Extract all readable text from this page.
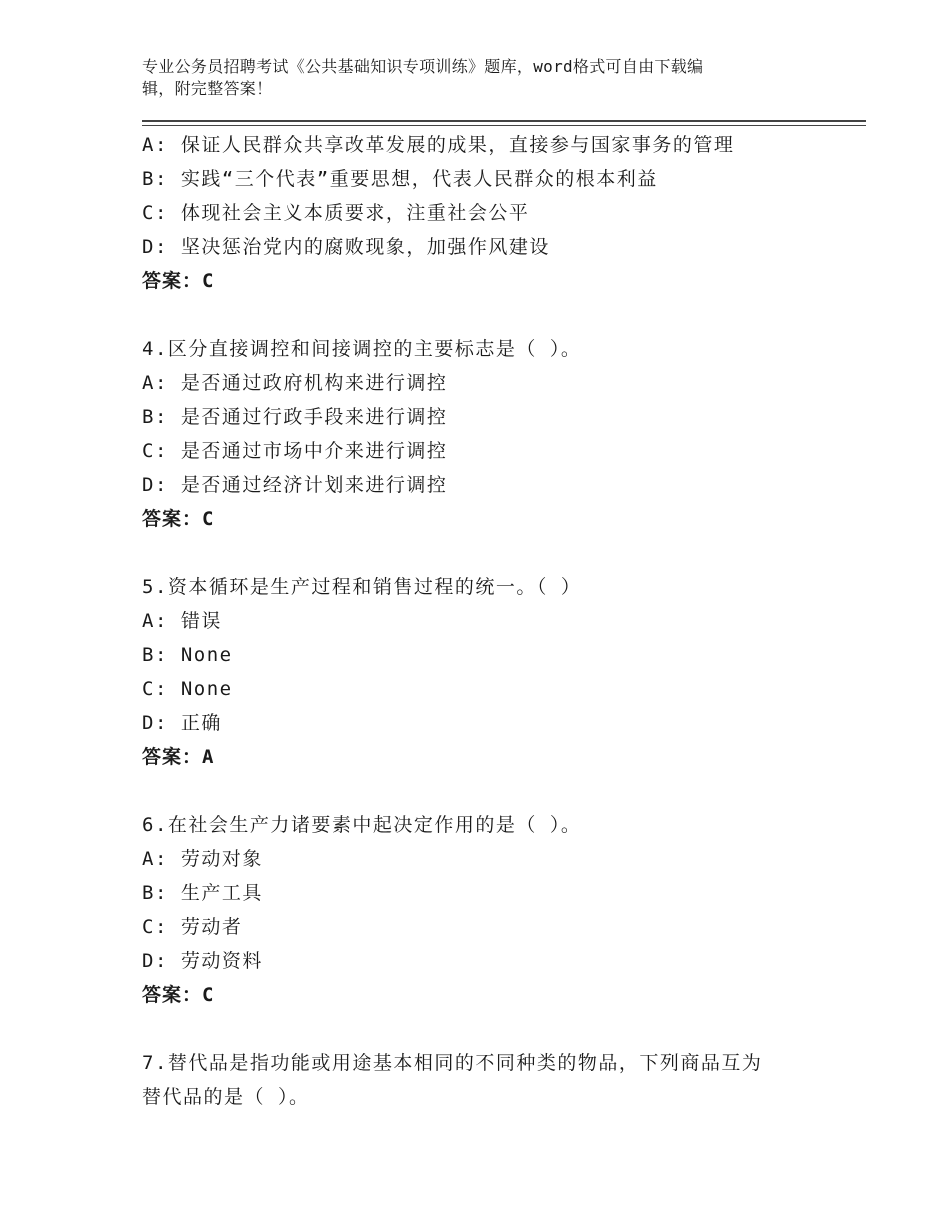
专业公务员招聘考试《公共基础知识专项训练》题库，word格式可自由下载编
辑，附完整答案！
A: 保证人民群众共享改革发展的成果，直接参与国家事务的管理
B: 实践“三个代表”重要思想，代表人民群众的根本利益
C: 体现社会主义本质要求，注重社会公平
D: 坚决惩治党内的腐败现象，加强作风建设
答案：C
4.区分直接调控和间接调控的主要标志是（ ）。
A: 是否通过政府机构来进行调控
B: 是否通过行政手段来进行调控
C: 是否通过市场中介来进行调控
D: 是否通过经济计划来进行调控
答案：C
5.资本循环是生产过程和销售过程的统一。（ ）
A: 错误
B: None
C: None
D: 正确
答案：A
6.在社会生产力诸要素中起决定作用的是（ ）。
A: 劳动对象
B: 生产工具
C: 劳动者
D: 劳动资料
答案：C
7.替代品是指功能或用途基本相同的不同种类的物品，下列商品互为
替代品的是（ ）。
